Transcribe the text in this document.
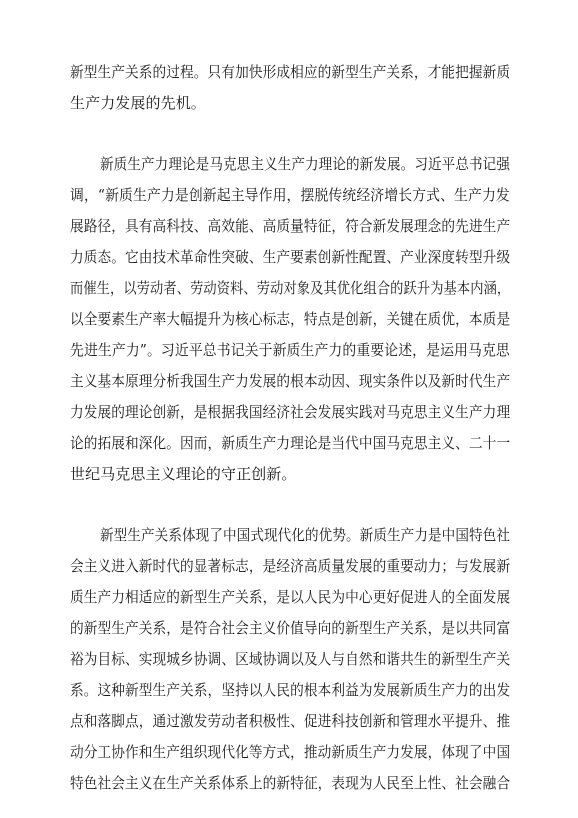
新型生产关系的过程。只有加快形成相应的新型生产关系，才能把握新质
生产力发展的先机。
新质生产力理论是马克思主义生产力理论的新发展。习近平总书记强
调，“新质生产力是创新起主导作用，摆脱传统经济增长方式、生产力发
展路径，具有高科技、高效能、高质量特征，符合新发展理念的先进生产
力质态。它由技术革命性突破、生产要素创新性配置、产业深度转型升级
而催生，以劳动者、劳动资料、劳动对象及其优化组合的跃升为基本内涵，
以全要素生产率大幅提升为核心标志，特点是创新，关键在质优，本质是
先进生产力”。习近平总书记关于新质生产力的重要论述，是运用马克思
主义基本原理分析我国生产力发展的根本动因、现实条件以及新时代生产
力发展的理论创新，是根据我国经济社会发展实践对马克思主义生产力理
论的拓展和深化。因而，新质生产力理论是当代中国马克思主义、二十一
世纪马克思主义理论的守正创新。
新型生产关系体现了中国式现代化的优势。新质生产力是中国特色社
会主义进入新时代的显著标志，是经济高质量发展的重要动力；与发展新
质生产力相适应的新型生产关系，是以人民为中心更好促进人的全面发展
的新型生产关系，是符合社会主义价值导向的新型生产关系，是以共同富
裕为目标、实现城乡协调、区域协调以及人与自然和谐共生的新型生产关
系。这种新型生产关系，坚持以人民的根本利益为发展新质生产力的出发
点和落脚点，通过激发劳动者积极性、促进科技创新和管理水平提升、推
动分工协作和生产组织现代化等方式，推动新质生产力发展，体现了中国
特色社会主义在生产关系体系上的新特征，表现为人民至上性、社会融合
